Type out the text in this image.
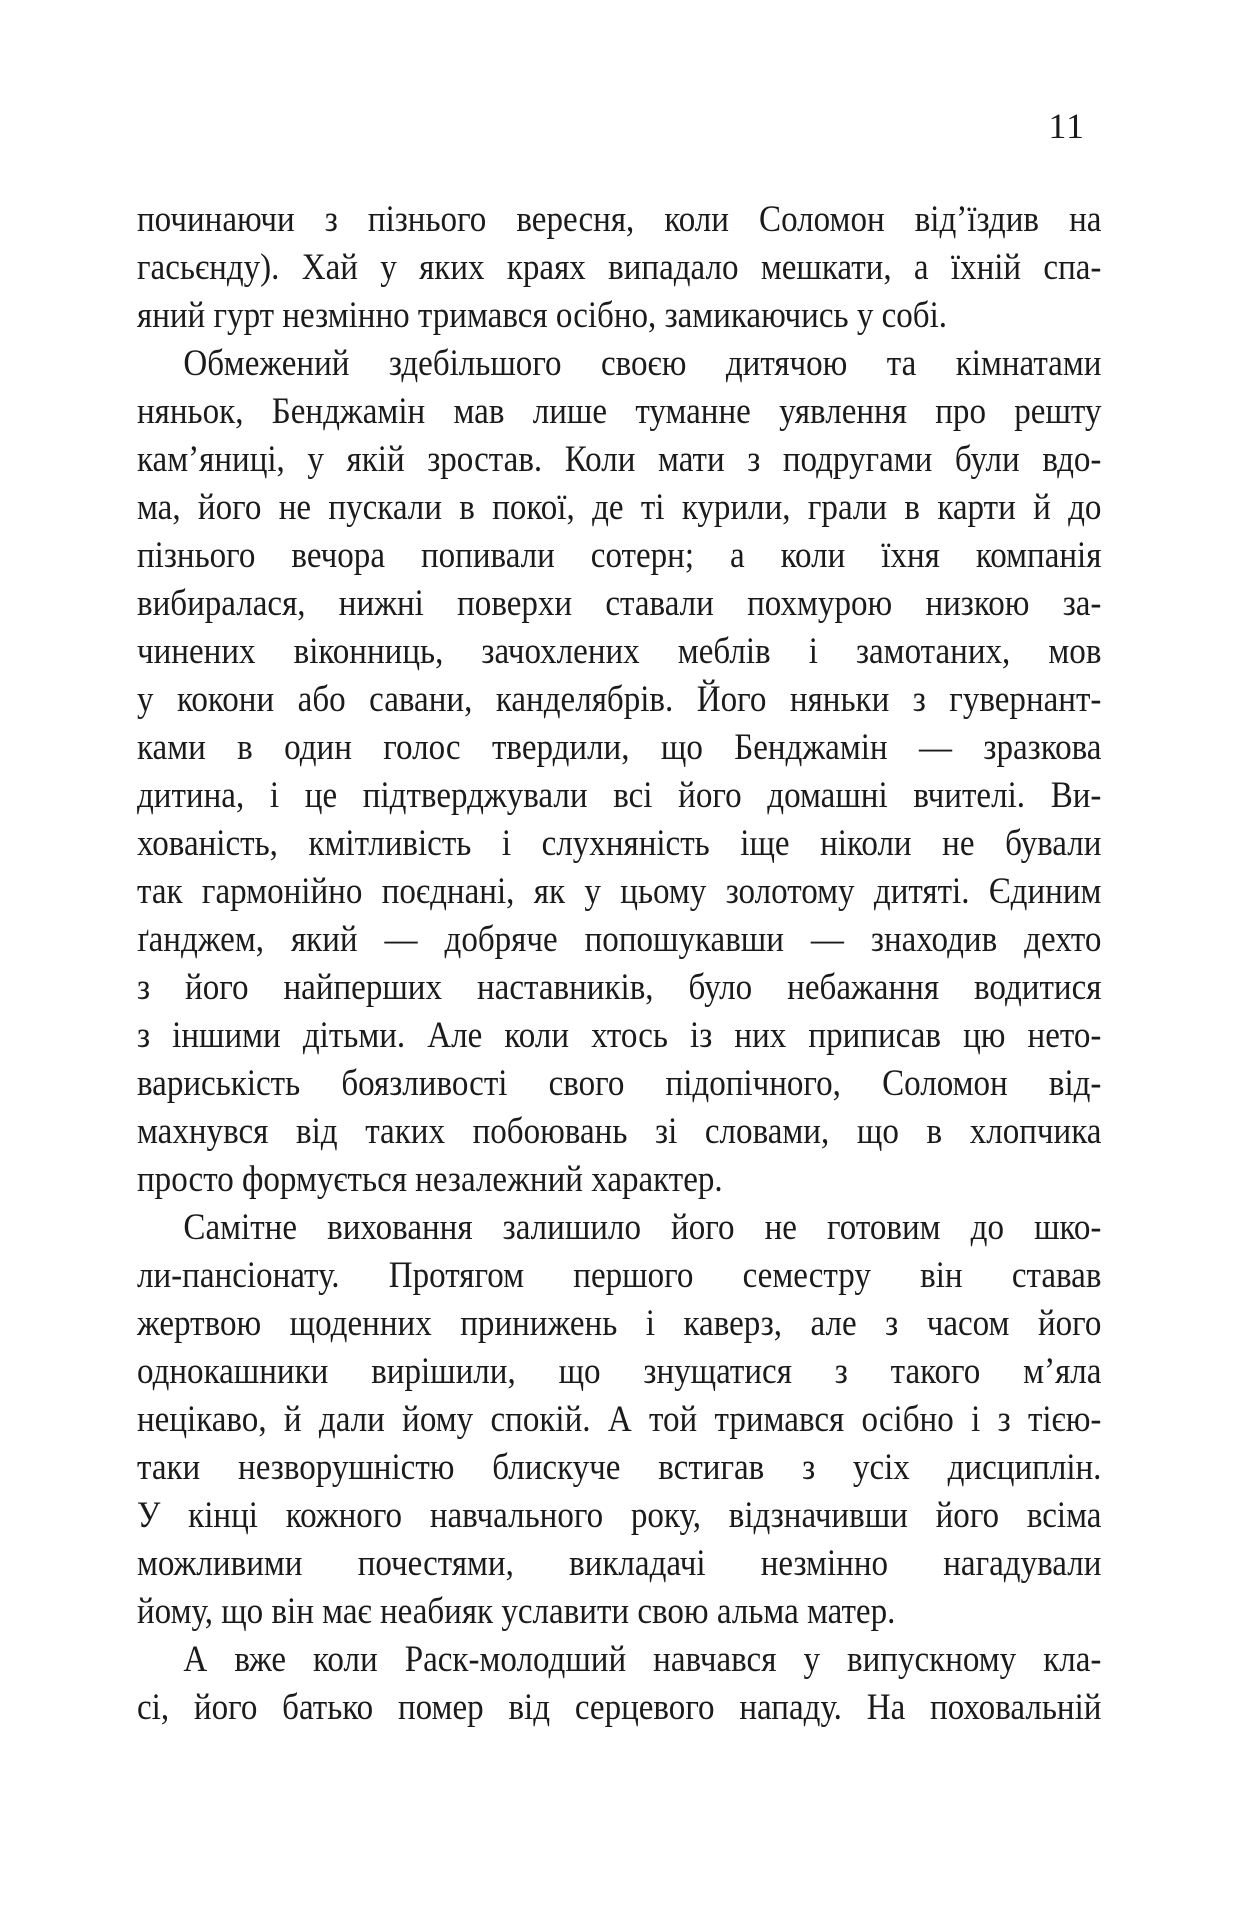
11
починаючи з пізнього вересня, коли Соломон від’їздив на
гасьєнду). Хай у яких краях випадало мешкати, а їхній спа-
яний гурт незмінно тримався осібно, замикаючись у собі.
Обмежений здебільшого своєю дитячою та кімнатами
няньок, Бенджамін мав лише туманне уявлення про решту
кам’яниці, у якій зростав. Коли мати з подругами були вдо-
ма, його не пускали в покої, де ті курили, грали в карти й до
пізнього вечора попивали сотерн; а коли їхня компанія
вибиралася, нижні поверхи ставали похмурою низкою за-
чинених віконниць, зачохлених меблів і замотаних, мов
у кокони або савани, канделябрів. Його няньки з гувернант-
ками в один голос твердили, що Бенджамін — зразкова
дитина, і це підтверджували всі його домашні вчителі. Ви-
хованість, кмітливість і слухняність іще ніколи не бували
так гармонійно поєднані, як у цьому золотому дитяті. Єдиним
ґанджем, який — добряче попошукавши — знаходив дехто
з його найперших наставників, було небажання водитися
з іншими дітьми. Але коли хтось із них приписав цю нето-
вариськість боязливості свого підопічного, Соломон від-
махнувся від таких побоювань зі словами, що в хлопчика
просто формується незалежний характер.
Самітне виховання залишило його не готовим до шко-
ли-пансіонату. Протягом першого семестру він ставав
жертвою щоденних принижень і каверз, але з часом його
однокашники вирішили, що знущатися з такого м’яла
нецікаво, й дали йому спокій. А той тримався осібно і з тією-
таки незворушністю блискуче встигав з усіх дисциплін.
У кінці кожного навчального року, відзначивши його всіма
можливими почестями, викладачі незмінно нагадували
йому, що він має неабияк уславити свою альма матер.
А вже коли Раск-молодший навчався у випускному кла-
сі, його батько помер від серцевого нападу. На поховальній
